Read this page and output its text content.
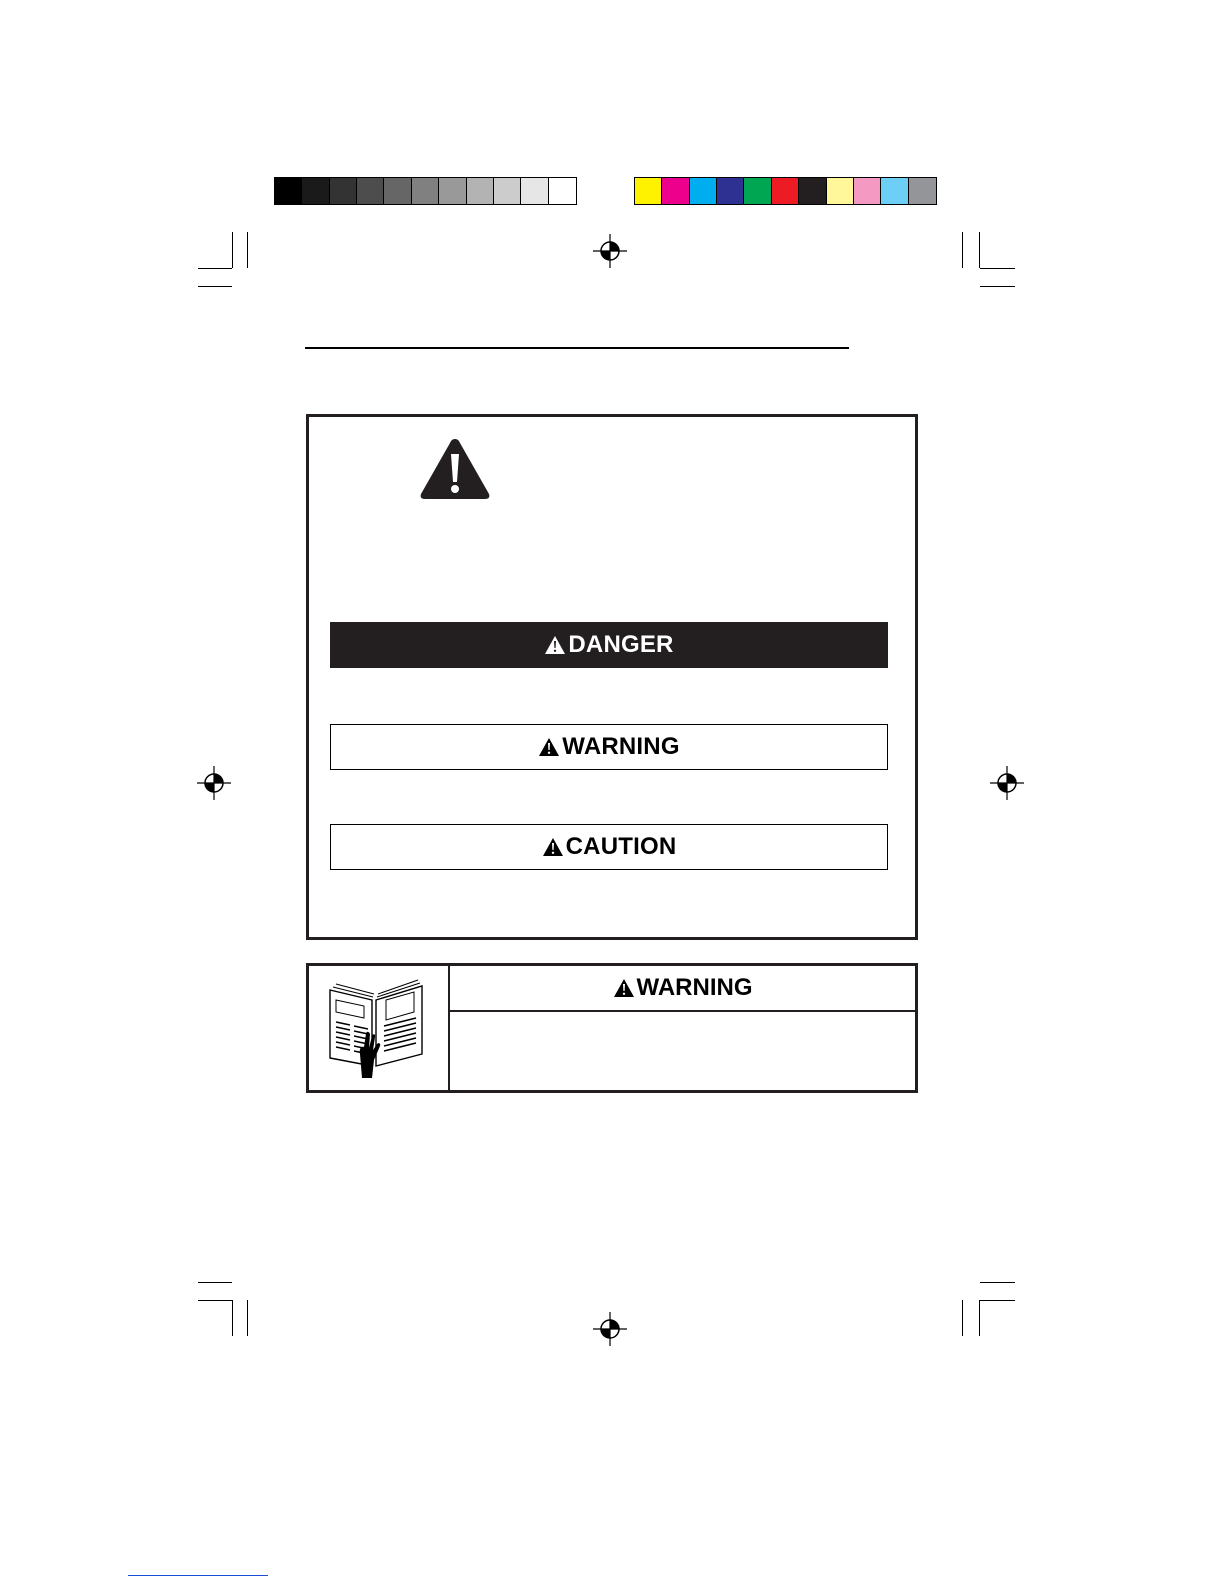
DANGER
WARNING
CAUTION
WARNING
